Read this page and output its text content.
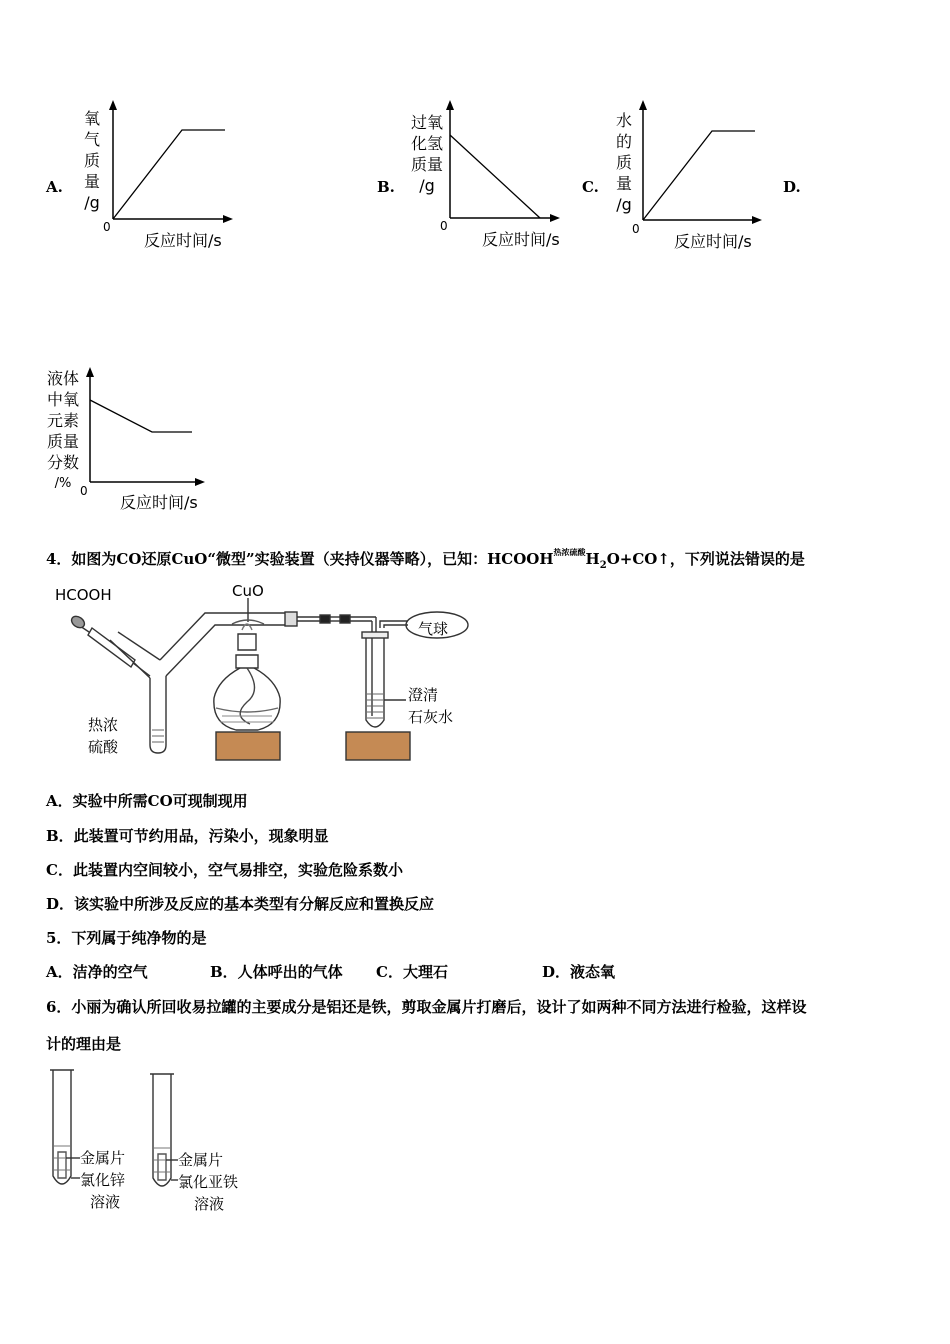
A.
氧
气
质
量
/g
0
反应时间/s
B.
过氧
化氢
质量
/g
0
反应时间/s
C.
水
的
质
量
/g
0
反应时间/s
D.
液体
中氧
元素
质量
分数
/% 0
反应时间/s
4．如图为CO还原CuO“微型”实验装置（夹持仪器等略），已知：$HCOOH^{热浓硫酸}H_2O+CO↑$，下列说法错误的是
HCOOH	CuO
气球
热浓
硫酸
澄清
石灰水
A．实验中所需CO可现制现用
B．此装置可节约用品，污染小，现象明显
C．此装置内空间较小，空气易排空，实验危险系数小
D．该实验中所涉及反应的基本类型有分解反应和置换反应
5．下列属于纯净物的是
A．洁净的空气	B．人体呼出的气体 C．大理石	D．液态氧
6．小丽为确认所回收易拉罐的主要成分是铝还是铁，剪取金属片打磨后，设计了如两种不同方法进行检验，这样设
计的理由是
金属片
氯化锌
溶液
金属片
氯化亚铁
溶液
